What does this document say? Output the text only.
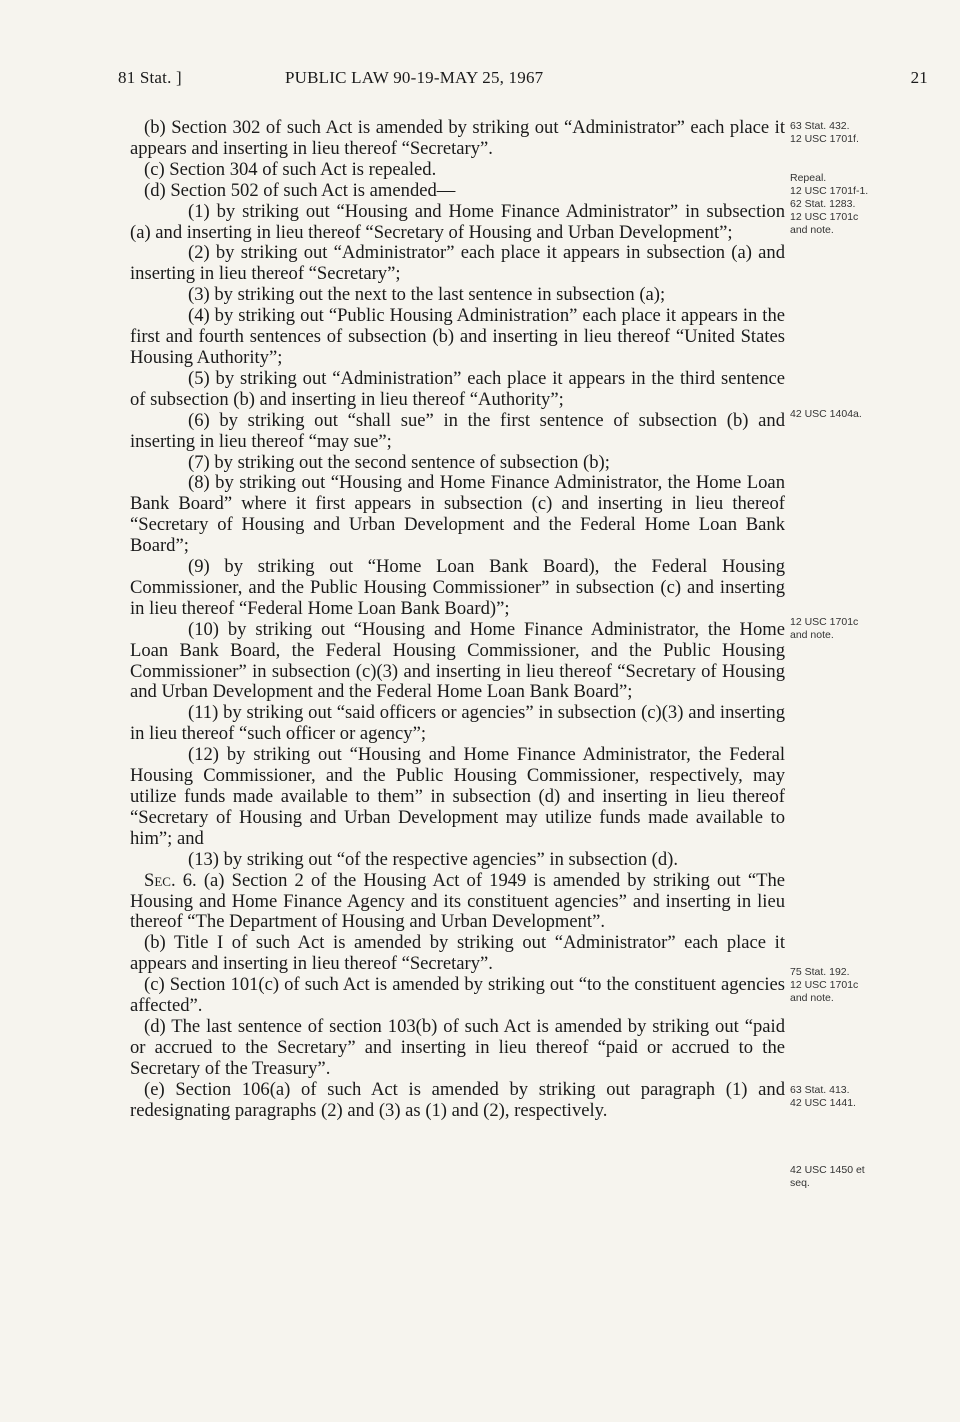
81 Stat. ]	PUBLIC LAW 90-19-MAY 25, 1967	21

(b) Section 302 of such Act is amended by striking out “Administrator” each place it appears and inserting in lieu thereof “Secretary”.

(c) Section 304 of such Act is repealed.

(d) Section 502 of such Act is amended—

(1) by striking out “Housing and Home Finance Administrator” in subsection (a) and inserting in lieu thereof “Secretary of Housing and Urban Development”;

(2) by striking out “Administrator” each place it appears in subsection (a) and inserting in lieu thereof “Secretary”;

(3) by striking out the next to the last sentence in subsection (a);

(4) by striking out “Public Housing Administration” each place it appears in the first and fourth sentences of subsection (b) and inserting in lieu thereof “United States Housing Authority”;

(5) by striking out “Administration” each place it appears in the third sentence of subsection (b) and inserting in lieu thereof “Authority”;

(6) by striking out “shall sue” in the first sentence of subsection (b) and inserting in lieu thereof “may sue”;

(7) by striking out the second sentence of subsection (b);

(8) by striking out “Housing and Home Finance Administrator, the Home Loan Bank Board” where it first appears in subsection (c) and inserting in lieu thereof “Secretary of Housing and Urban Development and the Federal Home Loan Bank Board”;

(9) by striking out “Home Loan Bank Board), the Federal Housing Commissioner, and the Public Housing Commissioner” in subsection (c) and inserting in lieu thereof “Federal Home Loan Bank Board)”;

(10) by striking out “Housing and Home Finance Administrator, the Home Loan Bank Board, the Federal Housing Commissioner, and the Public Housing Commissioner” in subsection (c)(3) and inserting in lieu thereof “Secretary of Housing and Urban Development and the Federal Home Loan Bank Board”;

(11) by striking out “said officers or agencies” in subsection (c)(3) and inserting in lieu thereof “such officer or agency”;

(12) by striking out “Housing and Home Finance Administrator, the Federal Housing Commissioner, and the Public Housing Commissioner, respectively, may utilize funds made available to them” in subsection (d) and inserting in lieu thereof “Secretary of Housing and Urban Development may utilize funds made available to him”; and

(13) by striking out “of the respective agencies” in subsection (d).

Sec. 6. (a) Section 2 of the Housing Act of 1949 is amended by striking out “The Housing and Home Finance Agency and its constituent agencies” and inserting in lieu thereof “The Department of Housing and Urban Development”.

(b) Title I of such Act is amended by striking out “Administrator” each place it appears and inserting in lieu thereof “Secretary”.

(c) Section 101(c) of such Act is amended by striking out “to the constituent agencies affected”.

(d) The last sentence of section 103(b) of such Act is amended by striking out “paid or accrued to the Secretary” and inserting in lieu thereof “paid or accrued to the Secretary of the Treasury”.

(e) Section 106(a) of such Act is amended by striking out paragraph (1) and redesignating paragraphs (2) and (3) as (1) and (2), respectively.

63 Stat. 432.
12 USC 1701f.
Repeal.
12 USC 1701f-1.
62 Stat. 1283.
12 USC 1701c
and note.
42 USC 1404a.
12 USC 1701c
and note.
75 Stat. 192.
12 USC 1701c
and note.
63 Stat. 413.
42 USC 1441.
42 USC 1450 et
seq.
